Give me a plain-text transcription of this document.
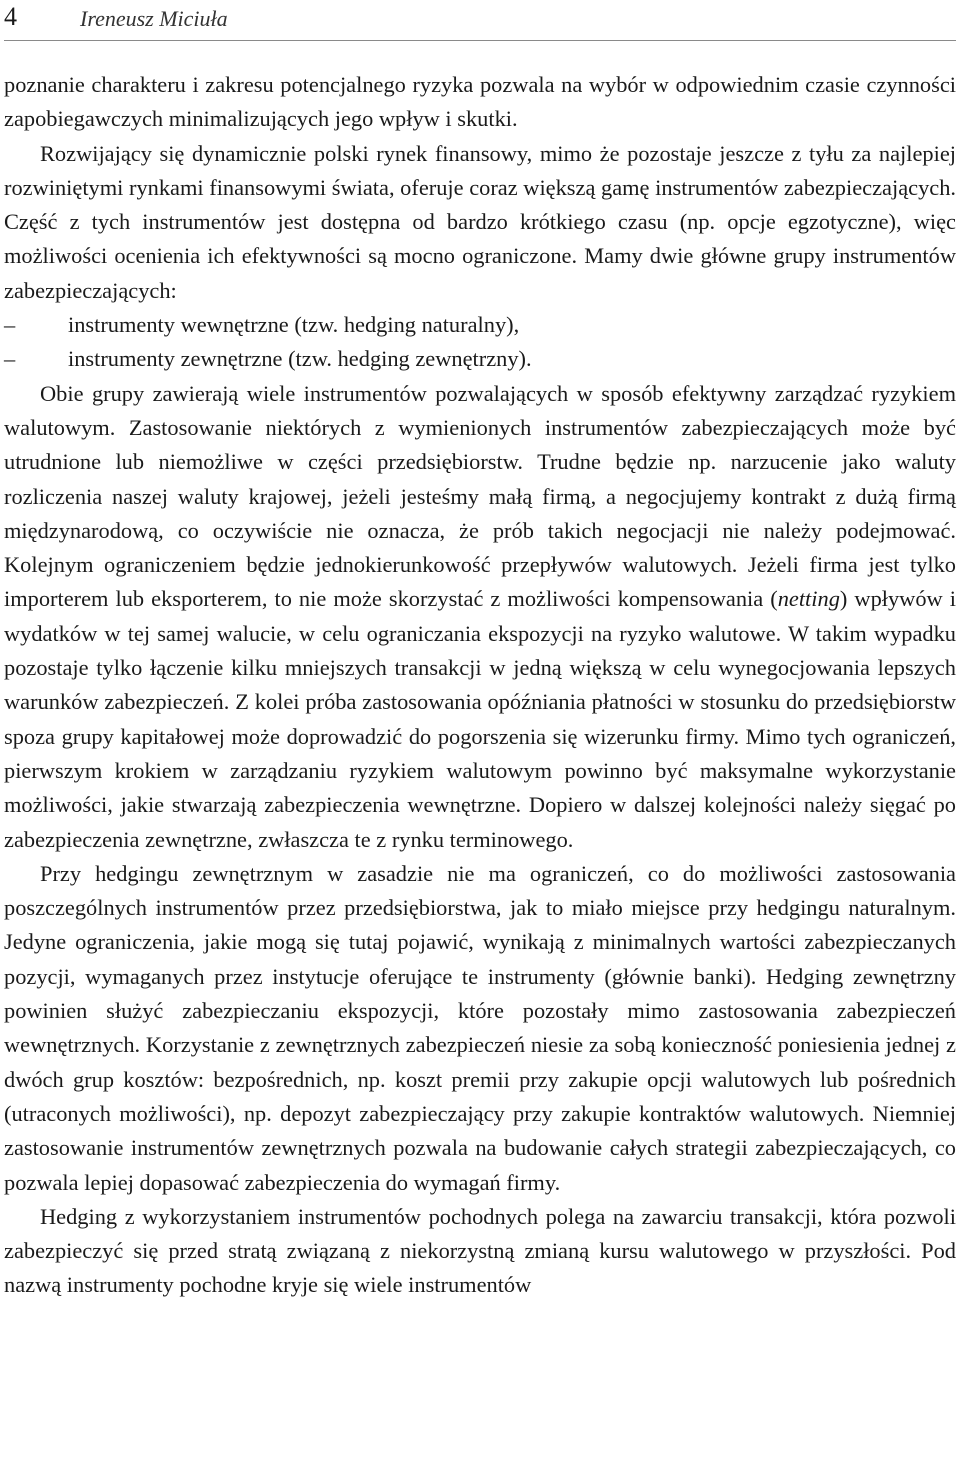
4	Ireneusz Miciuła

poznanie charakteru i zakresu potencjalnego ryzyka pozwala na wybór w odpowiednim czasie czynności zapobiegawczych minimalizujących jego wpływ i skutki.

Rozwijający się dynamicznie polski rynek finansowy, mimo że pozostaje jeszcze z tyłu za najlepiej rozwiniętymi rynkami finansowymi świata, oferuje coraz większą gamę instrumentów zabezpieczających. Część z tych instrumentów jest dostępna od bardzo krótkiego czasu (np. opcje egzotyczne), więc możliwości ocenienia ich efektywności są mocno ograniczone. Mamy dwie główne grupy instrumentów zabezpieczających:

– instrumenty wewnętrzne (tzw. hedging naturalny),
– instrumenty zewnętrzne (tzw. hedging zewnętrzny).

Obie grupy zawierają wiele instrumentów pozwalających w sposób efektywny zarządzać ryzykiem walutowym. Zastosowanie niektórych z wymienionych instrumentów zabezpieczających może być utrudnione lub niemożliwe w części przedsiębiorstw. Trudne będzie np. narzucenie jako waluty rozliczenia naszej waluty krajowej, jeżeli jesteśmy małą firmą, a negocjujemy kontrakt z dużą firmą międzynarodową, co oczywiście nie oznacza, że prób takich negocjacji nie należy podejmować. Kolejnym ograniczeniem będzie jednokierunkowość przepływów walutowych. Jeżeli firma jest tylko importerem lub eksporterem, to nie może skorzystać z możliwości kompensowania (netting) wpływów i wydatków w tej samej walucie, w celu ograniczania ekspozycji na ryzyko walutowe. W takim wypadku pozostaje tylko łączenie kilku mniejszych transakcji w jedną większą w celu wynegocjowania lepszych warunków zabezpieczeń. Z kolei próba zastosowania opóźniania płatności w stosunku do przedsiębiorstw spoza grupy kapitałowej może doprowadzić do pogorszenia się wizerunku firmy. Mimo tych ograniczeń, pierwszym krokiem w zarządzaniu ryzykiem walutowym powinno być maksymalne wykorzystanie możliwości, jakie stwarzają zabezpieczenia wewnętrzne. Dopiero w dalszej kolejności należy sięgać po zabezpieczenia zewnętrzne, zwłaszcza te z rynku terminowego.

Przy hedgingu zewnętrznym w zasadzie nie ma ograniczeń, co do możliwości zastosowania poszczególnych instrumentów przez przedsiębiorstwa, jak to miało miejsce przy hedgingu naturalnym. Jedyne ograniczenia, jakie mogą się tutaj pojawić, wynikają z minimalnych wartości zabezpieczanych pozycji, wymaganych przez instytucje oferujące te instrumenty (głównie banki). Hedging zewnętrzny powinien służyć zabezpieczaniu ekspozycji, które pozostały mimo zastosowania zabezpieczeń wewnętrznych. Korzystanie z zewnętrznych zabezpieczeń niesie za sobą konieczność poniesienia jednej z dwóch grup kosztów: bezpośrednich, np. koszt premii przy zakupie opcji walutowych lub pośrednich (utraconych możliwości), np. depozyt zabezpieczający przy zakupie kontraktów walutowych. Niemniej zastosowanie instrumentów zewnętrznych pozwala na budowanie całych strategii zabezpieczających, co pozwala lepiej dopasować zabezpieczenia do wymagań firmy.

Hedging z wykorzystaniem instrumentów pochodnych polega na zawarciu transakcji, która pozwoli zabezpieczyć się przed stratą związaną z niekorzystną zmianą kursu walutowego w przyszłości. Pod nazwą instrumenty pochodne kryje się wiele instrumentów
